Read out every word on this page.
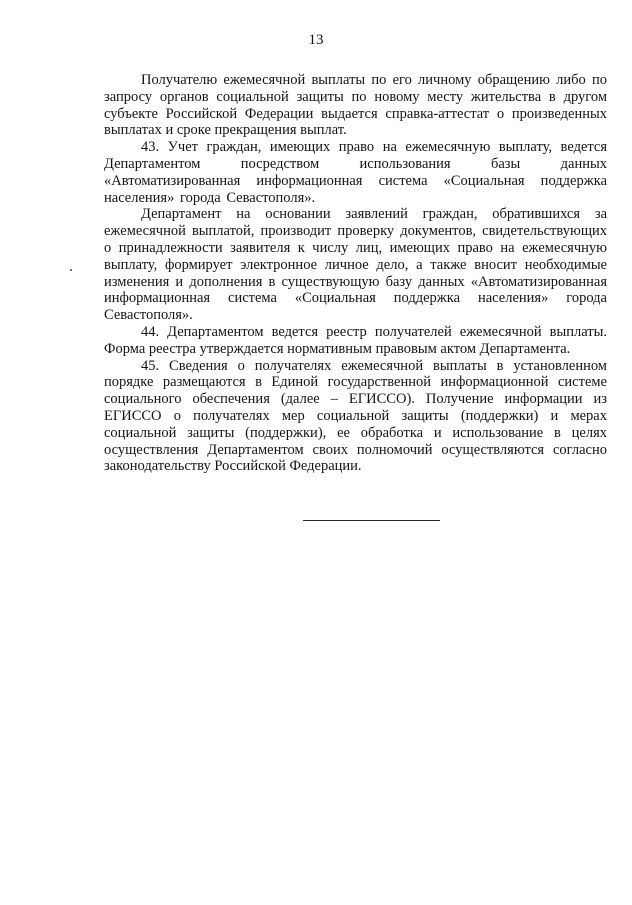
13

Получателю ежемесячной выплаты по его личному обращению либо по запросу органов социальной защиты по новому месту жительства в другом субъекте Российской Федерации выдается справка-аттестат о произведенных выплатах и сроке прекращения выплат.

43. Учет граждан, имеющих право на ежемесячную выплату, ведется Департаментом посредством использования базы данных «Автоматизированная информационная система «Социальная поддержка населения» города Севастополя».

Департамент на основании заявлений граждан, обратившихся за ежемесячной выплатой, производит проверку документов, свидетельствующих о принадлежности заявителя к числу лиц, имеющих право на ежемесячную выплату, формирует электронное личное дело, а также вносит необходимые изменения и дополнения в существующую базу данных «Автоматизированная информационная система «Социальная поддержка населения» города Севастополя».

44. Департаментом ведется реестр получателей ежемесячной выплаты. Форма реестра утверждается нормативным правовым актом Департамента.

45. Сведения о получателях ежемесячной выплаты в установленном порядке размещаются в Единой государственной информационной системе социального обеспечения (далее – ЕГИССО). Получение информации из ЕГИССО о получателях мер социальной защиты (поддержки) и мерах социальной защиты (поддержки), ее обработка и использование в целях осуществления Департаментом своих полномочий осуществляются согласно законодательству Российской Федерации.
